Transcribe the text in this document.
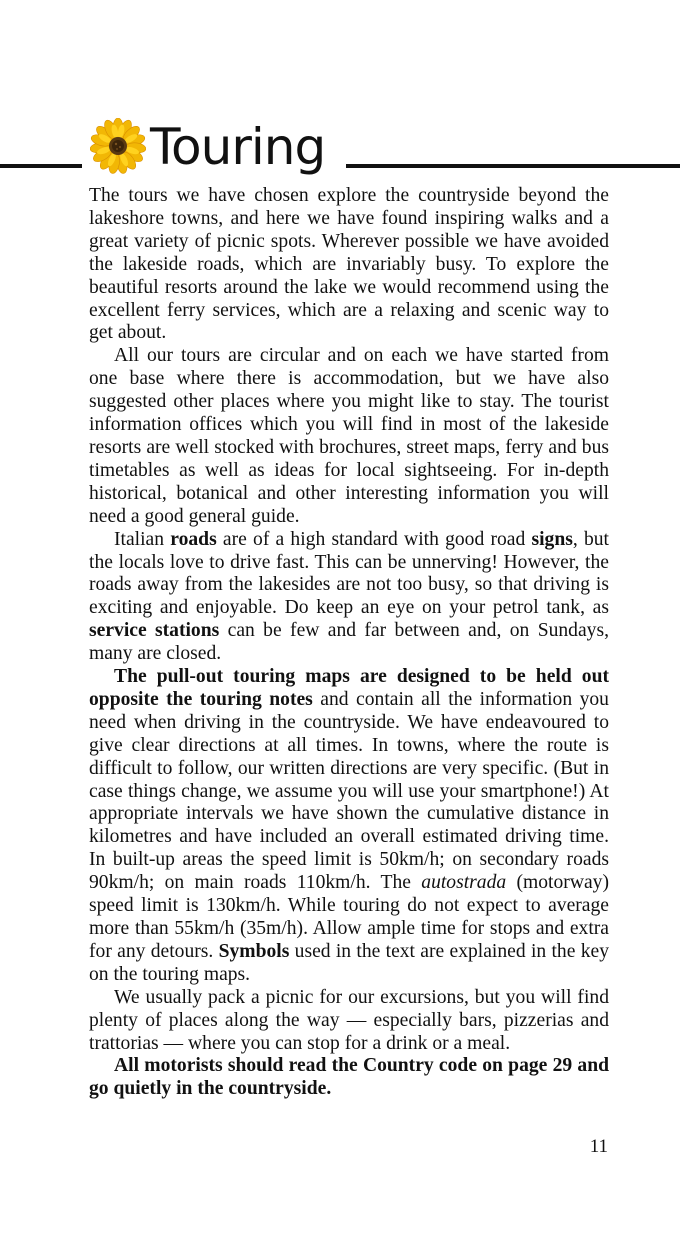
Touring

The tours we have chosen explore the countryside beyond the lakeshore towns, and here we have found inspiring walks and a great variety of picnic spots. Wherever possible we have avoided the lakeside roads, which are invariably busy. To explore the beautiful resorts around the lake we would recommend using the excellent ferry services, which are a relaxing and scenic way to get about.

All our tours are circular and on each we have started from one base where there is accommodation, but we have also suggested other places where you might like to stay. The tourist information offices which you will find in most of the lakeside resorts are well stocked with brochures, street maps, ferry and bus timetables as well as ideas for local sightseeing. For in-depth historical, botanical and other interesting information you will need a good general guide.

Italian roads are of a high standard with good road signs, but the locals love to drive fast. This can be unnerving! However, the roads away from the lakesides are not too busy, so that driving is exciting and enjoyable. Do keep an eye on your petrol tank, as service stations can be few and far between and, on Sundays, many are closed.

The pull-out touring maps are designed to be held out opposite the touring notes and contain all the information you need when driving in the countryside. We have endeavoured to give clear directions at all times. In towns, where the route is difficult to follow, our written directions are very specific. (But in case things change, we assume you will use your smartphone!) At appropriate intervals we have shown the cumulative distance in kilometres and have included an overall estimated driving time. In built-up areas the speed limit is 50km/h; on secondary roads 90km/h; on main roads 110km/h. The autostrada (motorway) speed limit is 130km/h. While touring do not expect to average more than 55km/h (35m/h). Allow ample time for stops and extra for any detours. Symbols used in the text are explained in the key on the touring maps.

We usually pack a picnic for our excursions, but you will find plenty of places along the way — especially bars, pizzerias and trattorias — where you can stop for a drink or a meal.

All motorists should read the Country code on page 29 and go quietly in the countryside.

11
